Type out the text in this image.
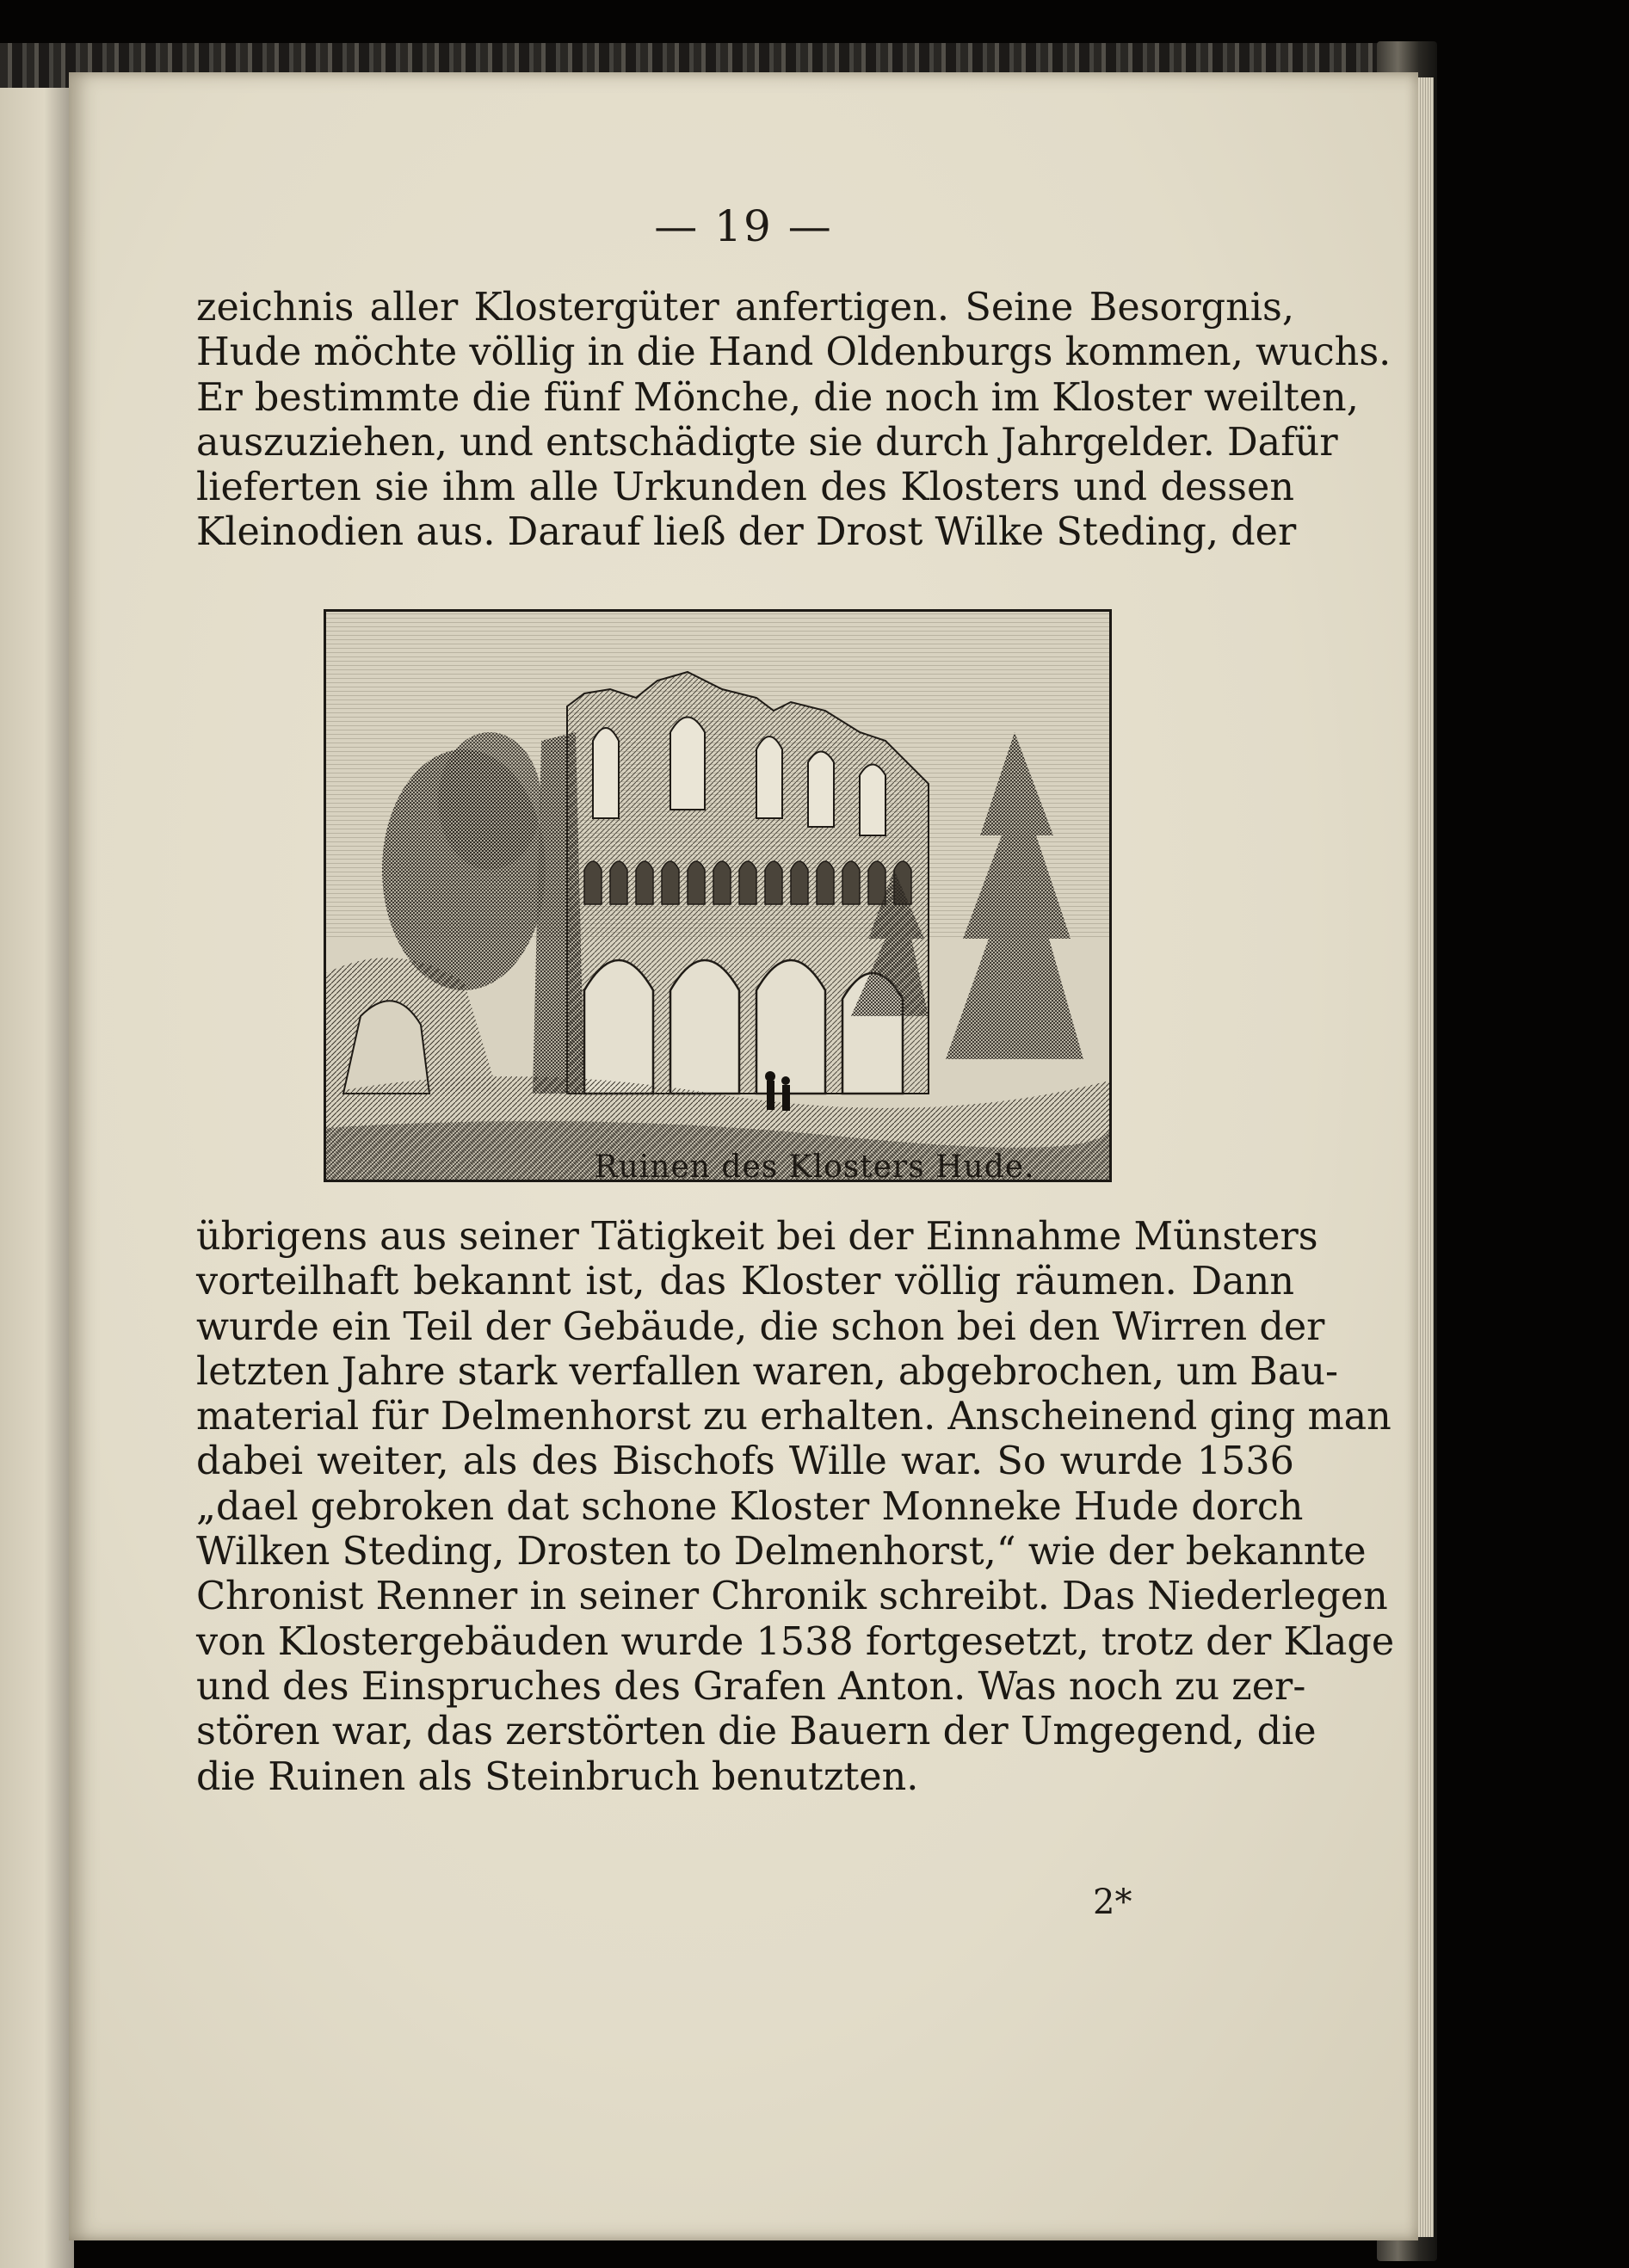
— 19 —
zeichnis aller Klostergüter anfertigen. Seine Besorgnis,
Hude möchte völlig in die Hand Oldenburgs kommen, wuchs.
Er bestimmte die fünf Mönche, die noch im Kloster weilten,
auszuziehen, und entschädigte sie durch Jahrgelder. Dafür
lieferten sie ihm alle Urkunden des Klosters und dessen
Kleinodien aus. Darauf ließ der Drost Wilke Steding, der
übrigens aus seiner Tätigkeit bei der Einnahme Münsters
vorteilhaft bekannt ist, das Kloster völlig räumen. Dann
wurde ein Teil der Gebäude, die schon bei den Wirren der
letzten Jahre stark verfallen waren, abgebrochen, um Bau-
material für Delmenhorst zu erhalten. Anscheinend ging man
dabei weiter, als des Bischofs Wille war. So wurde 1536
„dael gebroken dat schone Kloster Monneke Hude dorch
Wilken Steding, Drosten to Delmenhorst,“ wie der bekannte
Chronist Renner in seiner Chronik schreibt. Das Niederlegen
von Klostergebäuden wurde 1538 fortgesetzt, trotz der Klage
und des Einspruches des Grafen Anton. Was noch zu zer-
stören war, das zerstörten die Bauern der Umgegend, die
die Ruinen als Steinbruch benutzten.
2*
Ruinen des Klosters Hude.
